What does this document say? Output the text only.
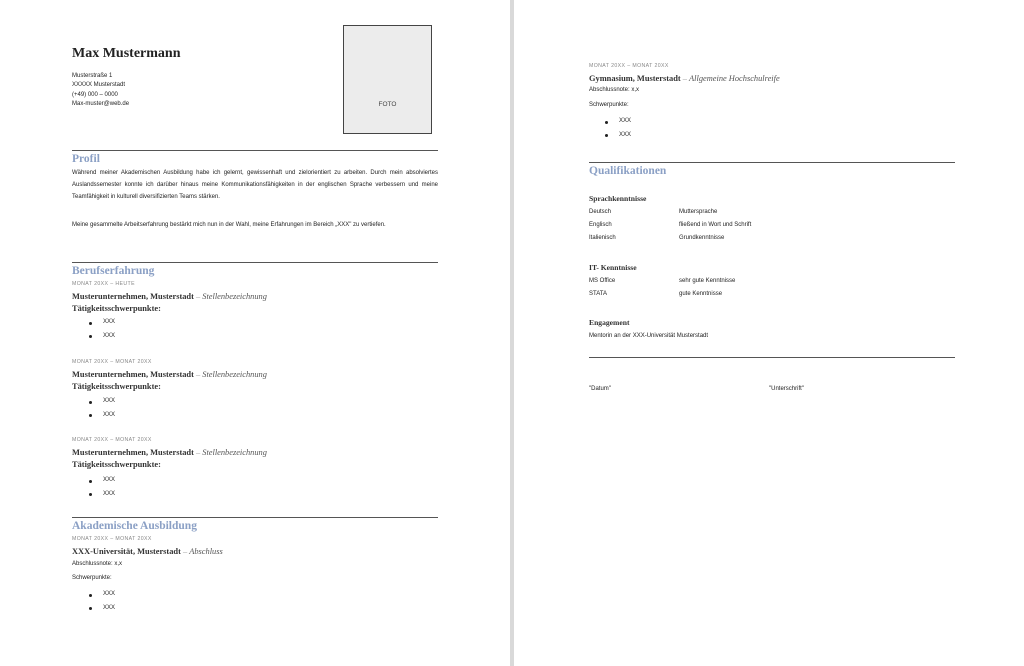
Max Mustermann
Musterstraße 1
XXXXX Musterstadt
(+49) 000 – 0000
Max-muster@web.de	FOTO
Profil
Während meiner Akademischen Ausbildung habe ich gelernt, gewissenhaft und zielorientiert zu arbeiten. Durch mein absolviertes Auslandssemester konnte ich darüber hinaus meine Kommunikationsfähigkeiten in der englischen Sprache verbessern und meine Teamfähigkeit in kulturell diversifizierten Teams stärken.
Meine gesammelte Arbeitserfahrung bestärkt mich nun in der Wahl, meine Erfahrungen im Bereich „XXX" zu vertiefen.
Berufserfahrung
MONAT 20XX – HEUTE
Musterunternehmen, Musterstadt – Stellenbezeichnung
Tätigkeitsschwerpunkte:
XXX
XXX
MONAT 20XX – MONAT 20XX
Musterunternehmen, Musterstadt – Stellenbezeichnung
Tätigkeitsschwerpunkte:
XXX
XXX
MONAT 20XX – MONAT 20XX
Musterunternehmen, Musterstadt – Stellenbezeichnung
Tätigkeitsschwerpunkte:
XXX
XXX
Akademische Ausbildung
MONAT 20XX – MONAT 20XX
XXX-Universität, Musterstadt – Abschluss
Abschlussnote: x,x
Schwerpunkte:
XXX
XXX
MONAT 20XX – MONAT 20XX
Gymnasium, Musterstadt – Allgemeine Hochschulreife
Abschlussnote: x,x
Schwerpunkte:
XXX
XXX
Qualifikationen
Sprachkenntnisse
Deutsch	Muttersprache
Englisch	fließend in Wort und Schrift
Italienisch	Grundkenntnisse
IT- Kenntnisse
MS Office	sehr gute Kenntnisse
STATA	gute Kenntnisse
Engagement
Mentorin an der XXX-Universität Musterstadt
"Datum"	"Unterschrift"
